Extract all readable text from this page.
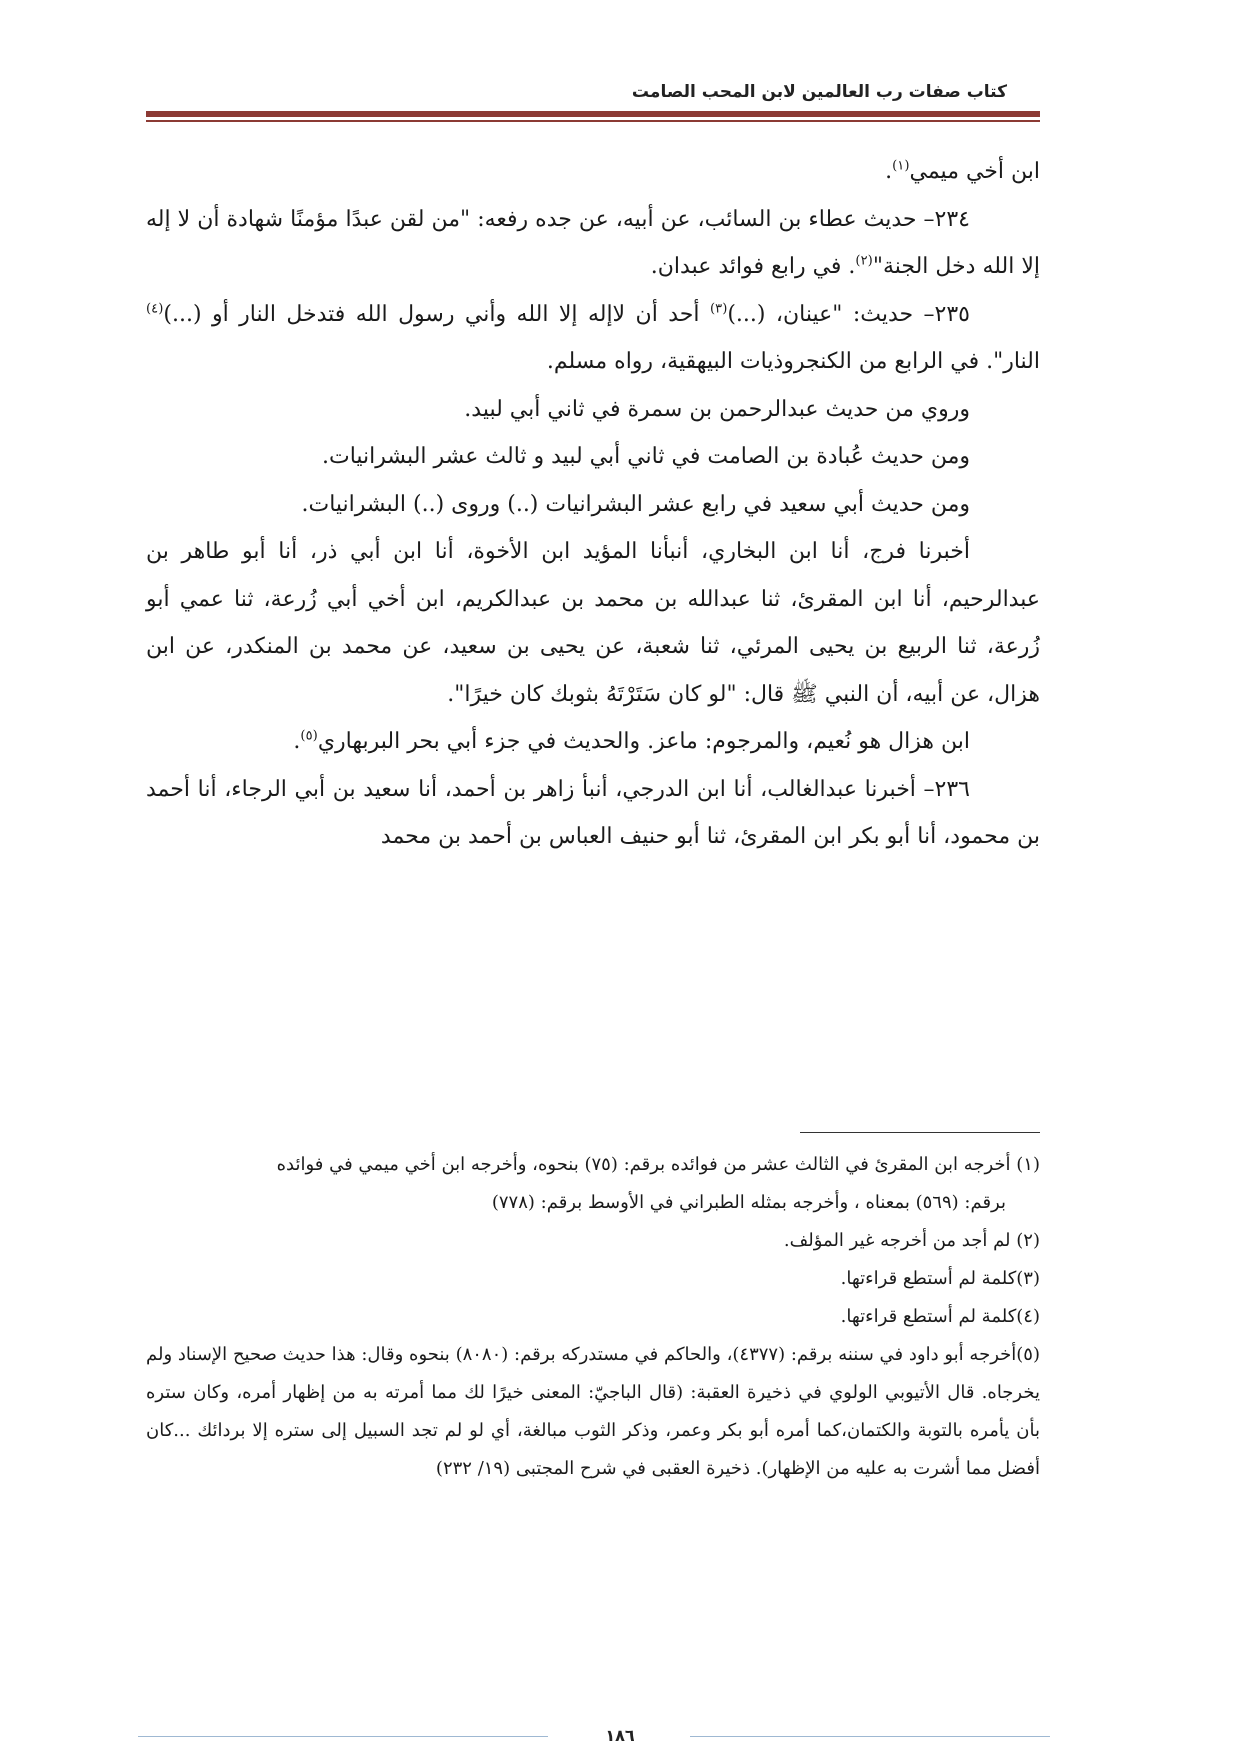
كتاب صفات رب العالمين لابن المحب الصامت

ابن أخي ميمي$^{(١)}$.

٢٣٤– حديث عطاء بن السائب، عن أبيه، عن جده رفعه: "من لقن عبدًا مؤمنًا شهادة أن لا إله إلا الله دخل الجنة"$^{(٢)}$. في رابع فوائد عبدان.

٢٣٥– حديث: "عينان، (...)$^{(٣)}$ أحد أن لاإله إلا الله وأني رسول الله فتدخل النار أو (...)$^{(٤)}$ النار". في الرابع من الكنجروذيات البيهقية، رواه مسلم.

وروي من حديث عبدالرحمن بن سمرة في ثاني أبي لبيد.

ومن حديث عُبادة بن الصامت في ثاني أبي لبيد و ثالث عشر البشرانيات.

ومن حديث أبي سعيد في رابع عشر البشرانيات (..) وروى (..) البشرانيات.

أخبرنا فرج، أنا ابن البخاري، أنبأنا المؤيد ابن الأخوة، أنا ابن أبي ذر، أنا أبو طاهر بن عبدالرحيم، أنا ابن المقرئ، ثنا عبدالله بن محمد بن عبدالكريم، ابن أخي أبي زُرعة، ثنا عمي أبو زُرعة، ثنا الربيع بن يحيى المرئي، ثنا شعبة، عن يحيى بن سعيد، عن محمد بن المنكدر، عن ابن هزال، عن أبيه، أن النبي ﷺ قال: "لو كان سَتَرْتَهُ بثوبك كان خيرًا".

ابن هزال هو نُعيم، والمرجوم: ماعز. والحديث في جزء أبي بحر البربهاري$^{(٥)}$.

٢٣٦– أخبرنا عبدالغالب، أنا ابن الدرجي، أنبأ زاهر بن أحمد، أنا سعيد بن أبي الرجاء، أنا أحمد بن محمود، أنا أبو بكر ابن المقرئ، ثنا أبو حنيف العباس بن أحمد بن محمد

(١) أخرجه ابن المقرئ في الثالث عشر من فوائده برقم: (٧٥) بنحوه، وأخرجه ابن أخي ميمي في فوائده

برقم: (٥٦٩) بمعناه ، وأخرجه بمثله الطبراني في الأوسط برقم: (٧٧٨)

(٢) لم أجد من أخرجه غير المؤلف.

(٣)كلمة لم أستطع قراءتها.

(٤)كلمة لم أستطع قراءتها.

(٥)أخرجه أبو داود في سننه برقم: (٤٣٧٧)، والحاكم في مستدركه برقم: (٨٠٨٠) بنحوه وقال: هذا حديث صحيح الإسناد ولم يخرجاه. قال الأتيوبي الولوي في ذخيرة العقبة: (قال الباجيّ: المعنى خيرًا لك مما أمرته به من إظهار أمره، وكان ستره بأن يأمره بالتوبة والكتمان،كما أمره أبو بكر وعمر، وذكر الثوب مبالغة، أي لو لم تجد السبيل إلى ستره إلا بردائك ...كان أفضل مما أشرت به عليه من الإظهار). ذخيرة العقبى في شرح المجتبى (١٩/ ٢٣٢)

١٨٦
